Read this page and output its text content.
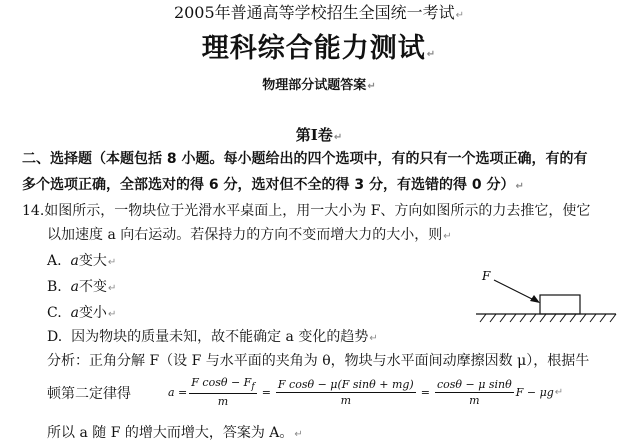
2005年普通高等学校招生全国统一考试↵
理科综合能力测试↵
物理部分试题答案↵
第Ⅰ卷↵
二、选择题（本题包括 8 小题。每小题给出的四个选项中，有的只有一个选项正确，有的有
多个选项正确，全部选对的得 6 分，选对但不全的得 3 分，有选错的得 0 分）↵
14.如图所示，一物块位于光滑水平桌面上，用一大小为 F、方向如图所示的力去推它，使它
以加速度 a 向右运动。若保持力的方向不变而增大力的大小，则↵
A. a变大↵
B. a不变↵
C. a变小↵
D. 因为物块的质量未知，故不能确定 a 变化的趋势↵
F
分析：正角分解 F（设 F 与水平面的夹角为 θ，物块与水平面间动摩擦因数 μ），根据牛
顿第二定律得	$a = \frac{F \cos\theta - F_f}{m} = \frac{\text{F cosθ − μ(F sinθ + mg)}}{m} = \frac{\text{cosθ − μ sinθ}}{m}$ F − μg ↵
所以 a 随 F 的增大而增大，答案为 A。↵
